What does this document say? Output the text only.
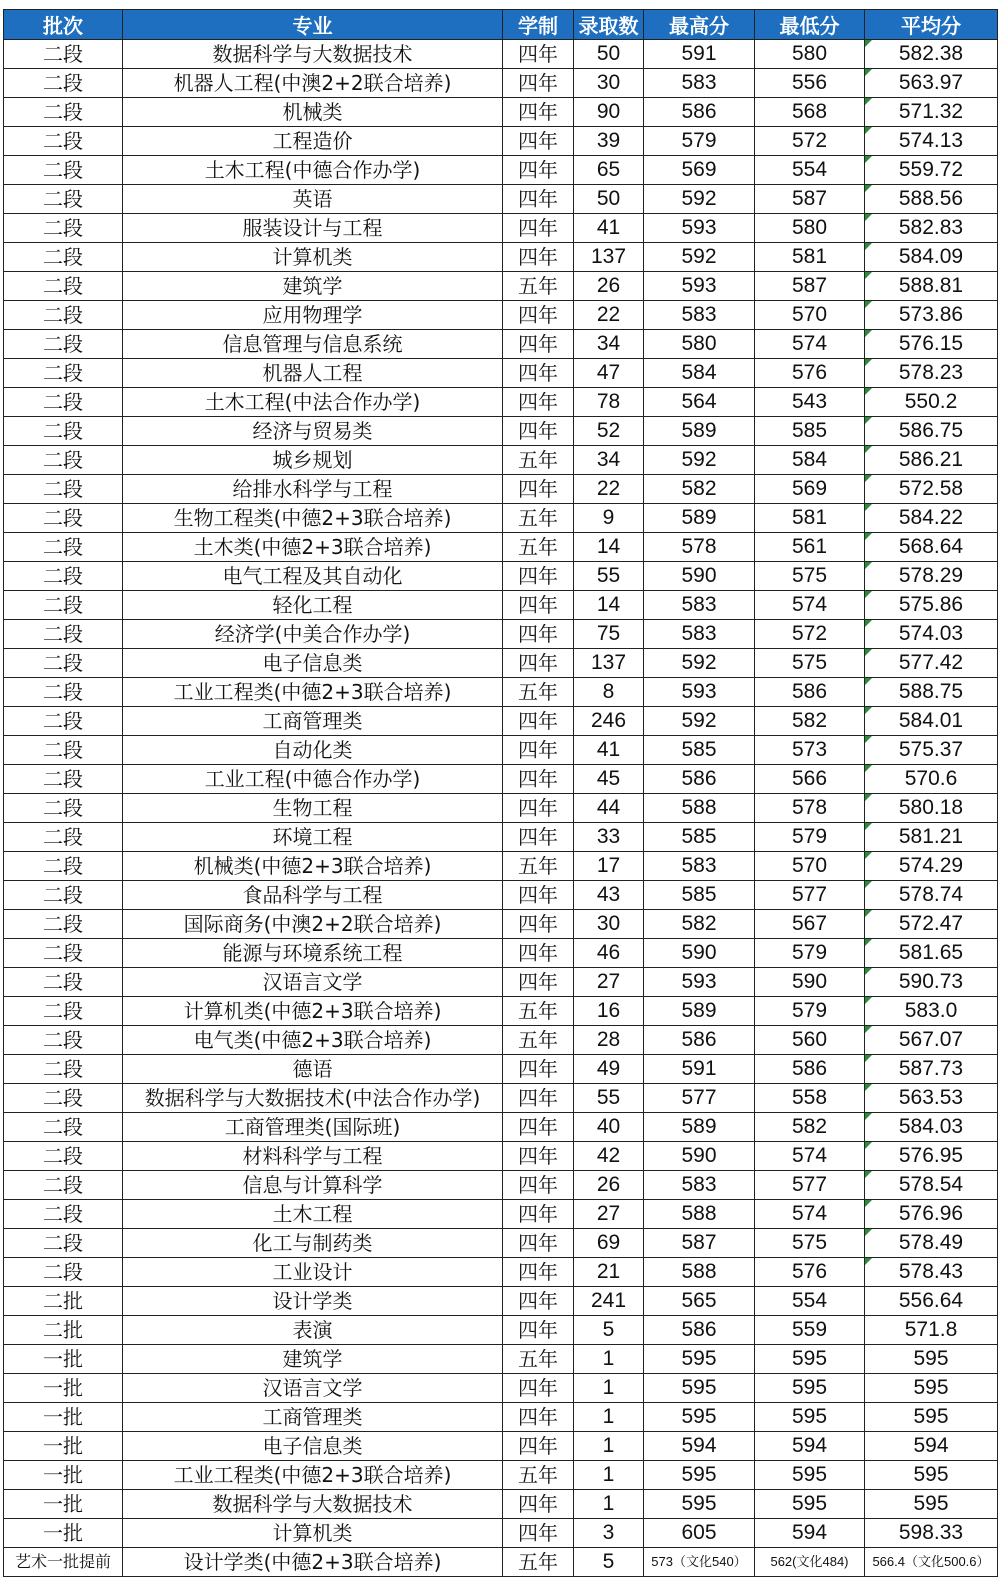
批次	专业	学制	录取数	最高分	最低分	平均分
二段	数据科学与大数据技术	四年	50	591	580	582.38
二段	机器人工程(中澳2+2联合培养)	四年	30	583	556	563.97
二段	机械类	四年	90	586	568	571.32
二段	工程造价	四年	39	579	572	574.13
二段	土木工程(中德合作办学)	四年	65	569	554	559.72
二段	英语	四年	50	592	587	588.56
二段	服装设计与工程	四年	41	593	580	582.83
二段	计算机类	四年	137	592	581	584.09
二段	建筑学	五年	26	593	587	588.81
二段	应用物理学	四年	22	583	570	573.86
二段	信息管理与信息系统	四年	34	580	574	576.15
二段	机器人工程	四年	47	584	576	578.23
二段	土木工程(中法合作办学)	四年	78	564	543	550.2
二段	经济与贸易类	四年	52	589	585	586.75
二段	城乡规划	五年	34	592	584	586.21
二段	给排水科学与工程	四年	22	582	569	572.58
二段	生物工程类(中德2+3联合培养)	五年	9	589	581	584.22
二段	土木类(中德2+3联合培养)	五年	14	578	561	568.64
二段	电气工程及其自动化	四年	55	590	575	578.29
二段	轻化工程	四年	14	583	574	575.86
二段	经济学(中美合作办学)	四年	75	583	572	574.03
二段	电子信息类	四年	137	592	575	577.42
二段	工业工程类(中德2+3联合培养)	五年	8	593	586	588.75
二段	工商管理类	四年	246	592	582	584.01
二段	自动化类	四年	41	585	573	575.37
二段	工业工程(中德合作办学)	四年	45	586	566	570.6
二段	生物工程	四年	44	588	578	580.18
二段	环境工程	四年	33	585	579	581.21
二段	机械类(中德2+3联合培养)	五年	17	583	570	574.29
二段	食品科学与工程	四年	43	585	577	578.74
二段	国际商务(中澳2+2联合培养)	四年	30	582	567	572.47
二段	能源与环境系统工程	四年	46	590	579	581.65
二段	汉语言文学	四年	27	593	590	590.73
二段	计算机类(中德2+3联合培养)	五年	16	589	579	583.0
二段	电气类(中德2+3联合培养)	五年	28	586	560	567.07
二段	德语	四年	49	591	586	587.73
二段	数据科学与大数据技术(中法合作办学)	四年	55	577	558	563.53
二段	工商管理类(国际班)	四年	40	589	582	584.03
二段	材料科学与工程	四年	42	590	574	576.95
二段	信息与计算科学	四年	26	583	577	578.54
二段	土木工程	四年	27	588	574	576.96
二段	化工与制药类	四年	69	587	575	578.49
二段	工业设计	四年	21	588	576	578.43
二批	设计学类	四年	241	565	554	556.64
二批	表演	四年	5	586	559	571.8
一批	建筑学	五年	1	595	595	595
一批	汉语言文学	四年	1	595	595	595
一批	工商管理类	四年	1	595	595	595
一批	电子信息类	四年	1	594	594	594
一批	工业工程类(中德2+3联合培养)	五年	1	595	595	595
一批	数据科学与大数据技术	四年	1	595	595	595
一批	计算机类	四年	3	605	594	598.33
艺术一批提前	设计学类(中德2+3联合培养)	五年	5	573（文化540）	562(文化484)	566.4（文化500.6）
